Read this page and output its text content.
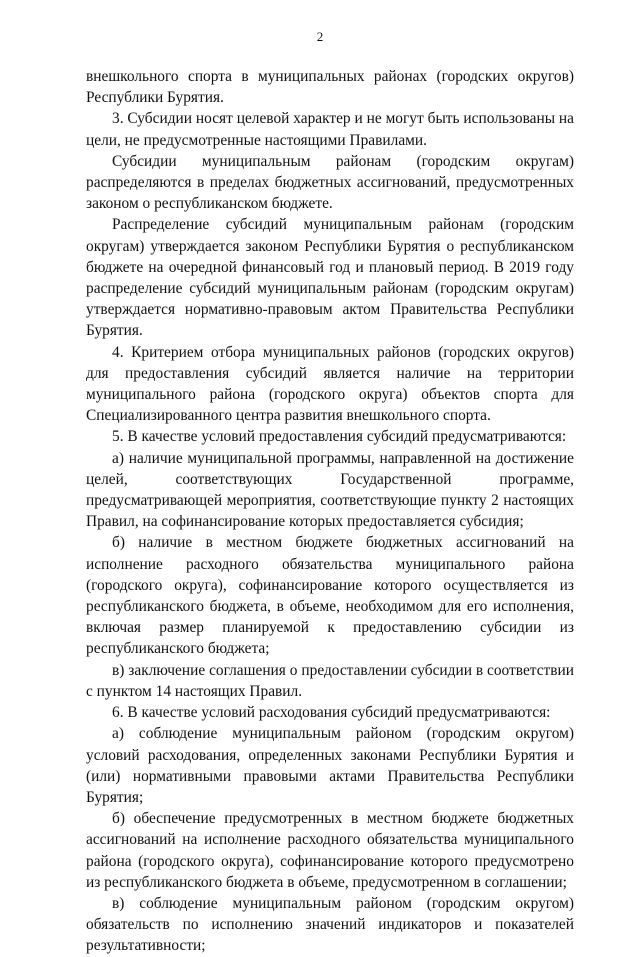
2

внешкольного спорта в муниципальных районах (городских округов) Республики Бурятия.

3. Субсидии носят целевой характер и не могут быть использованы на цели, не предусмотренные настоящими Правилами.

Субсидии муниципальным районам (городским округам) распределяются в пределах бюджетных ассигнований, предусмотренных законом о республиканском бюджете.

Распределение субсидий муниципальным районам (городским округам) утверждается законом Республики Бурятия о республиканском бюджете на очередной финансовый год и плановый период. В 2019 году распределение субсидий муниципальным районам (городским округам) утверждается нормативно-правовым актом Правительства Республики Бурятия.

4. Критерием отбора муниципальных районов (городских округов) для предоставления субсидий является наличие на территории муниципального района (городского округа) объектов спорта для Специализированного центра развития внешкольного спорта.

5. В качестве условий предоставления субсидий предусматриваются:

а) наличие муниципальной программы, направленной на достижение целей, соответствующих Государственной программе, предусматривающей мероприятия, соответствующие пункту 2 настоящих Правил, на софинансирование которых предоставляется субсидия;

б) наличие в местном бюджете бюджетных ассигнований на исполнение расходного обязательства муниципального района (городского округа), софинансирование которого осуществляется из республиканского бюджета, в объеме, необходимом для его исполнения, включая размер планируемой к предоставлению субсидии из республиканского бюджета;

в) заключение соглашения о предоставлении субсидии в соответствии с пунктом 14 настоящих Правил.

6. В качестве условий расходования субсидий предусматриваются:

а) соблюдение муниципальным районом (городским округом) условий расходования, определенных законами Республики Бурятия и (или) нормативными правовыми актами Правительства Республики Бурятия;

б) обеспечение предусмотренных в местном бюджете бюджетных ассигнований на исполнение расходного обязательства муниципального района (городского округа), софинансирование которого предусмотрено из республиканского бюджета в объеме, предусмотренном в соглашении;

в) соблюдение муниципальным районом (городским округом) обязательств по исполнению значений индикаторов и показателей результативности;
